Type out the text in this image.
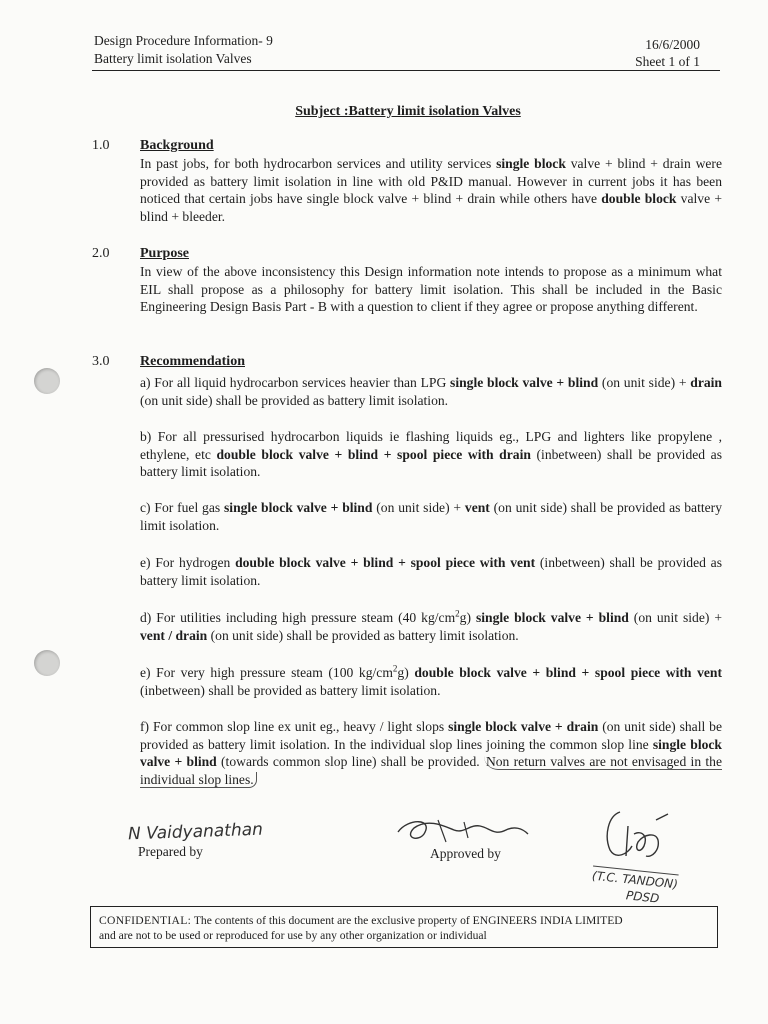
Design Procedure Information- 9
Battery limit isolation Valves
16/6/2000
Sheet 1 of 1
Subject :Battery limit isolation Valves
1.0 Background
In past jobs, for both hydrocarbon services and utility services single block valve + blind + drain were provided as battery limit isolation in line with old P&ID manual. However in current jobs it has been noticed that certain jobs have single block valve + blind + drain while others have double block valve + blind + bleeder.
2.0 Purpose
In view of the above inconsistency this Design information note intends to propose as a minimum what EIL shall propose as a philosophy for battery limit isolation. This shall be included in the Basic Engineering Design Basis Part - B with a question to client if they agree or propose anything different.
3.0 Recommendation

a) For all liquid hydrocarbon services heavier than LPG single block valve + blind (on unit side) + drain (on unit side) shall be provided as battery limit isolation.

b) For all pressurised hydrocarbon liquids ie flashing liquids eg., LPG and lighters like propylene , ethylene, etc double block valve + blind + spool piece with drain (inbetween) shall be provided as battery limit isolation.

c) For fuel gas single block valve + blind (on unit side) + vent (on unit side) shall be provided as battery limit isolation.

e) For hydrogen double block valve + blind + spool piece with vent (inbetween) shall be provided as battery limit isolation.

d) For utilities including high pressure steam (40 $kg/cm^2g$) single block valve + blind (on unit side) + vent / drain (on unit side) shall be provided as battery limit isolation.

e) For very high pressure steam (100 $kg/cm^2g$) double block valve + blind + spool piece with vent (inbetween) shall be provided as battery limit isolation.

f) For common slop line ex unit eg., heavy / light slops single block valve + drain (on unit side) shall be provided as battery limit isolation. In the individual slop lines joining the common slop line single block valve + blind (towards common slop line) shall be provided. Non return valves are not envisaged in the individual slop lines.

N Vaidyanathan
Prepared by	Approved by
(T.C. TANDON)
PDSD
CONFIDENTIAL: The contents of this document are the exclusive property of ENGINEERS INDIA LIMITED
and are not to be used or reproduced for use by any other organization or individual
